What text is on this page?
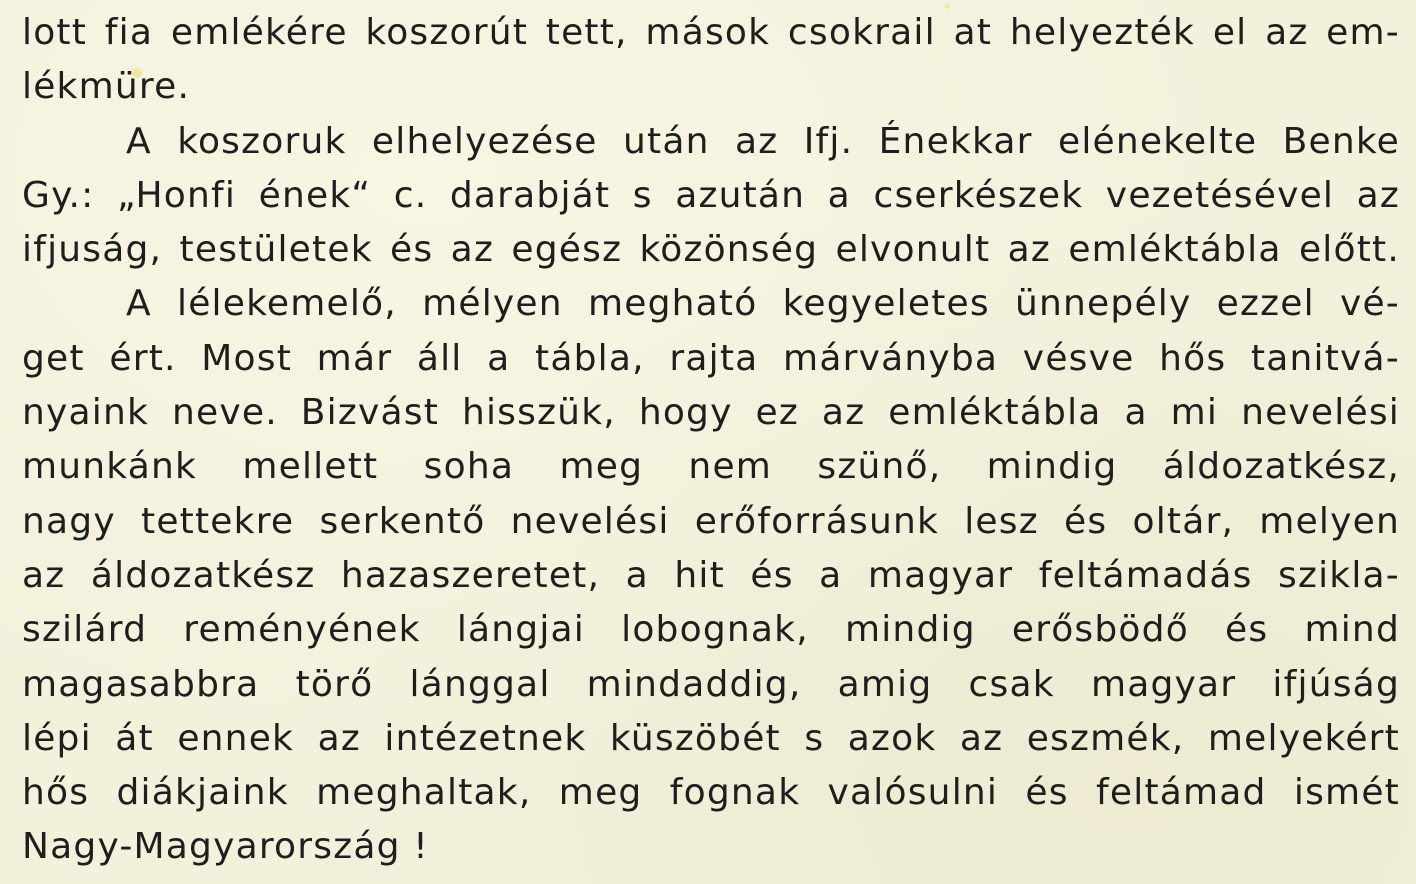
lott fia emlékére koszorút tett, mások csokrail at helyezték el az em-
lékmüre.
A koszoruk elhelyezése után az Ifj. Énekkar elénekelte Benke
Gy.: „Honfi ének“ c. darabját s azután a cserkészek vezetésével az
ifjuság, testületek és az egész közönség elvonult az emléktábla előtt.
A lélekemelő, mélyen megható kegyeletes ünnepély ezzel vé-
get ért. Most már áll a tábla, rajta márványba vésve hős tanitvá-
nyaink neve. Bizvást hisszük, hogy ez az emléktábla a mi nevelési
munkánk mellett soha meg nem szünő, mindig áldozatkész,
nagy tettekre serkentő nevelési erőforrásunk lesz és oltár, melyen
az áldozatkész hazaszeretet, a hit és a magyar feltámadás szikla-
szilárd reményének lángjai lobognak, mindig erősbödő és mind
magasabbra törő lánggal mindaddig, amig csak magyar ifjúság
lépi át ennek az intézetnek küszöbét s azok az eszmék, melyekért
hős diákjaink meghaltak, meg fognak valósulni és feltámad ismét
Nagy-Magyarország !
